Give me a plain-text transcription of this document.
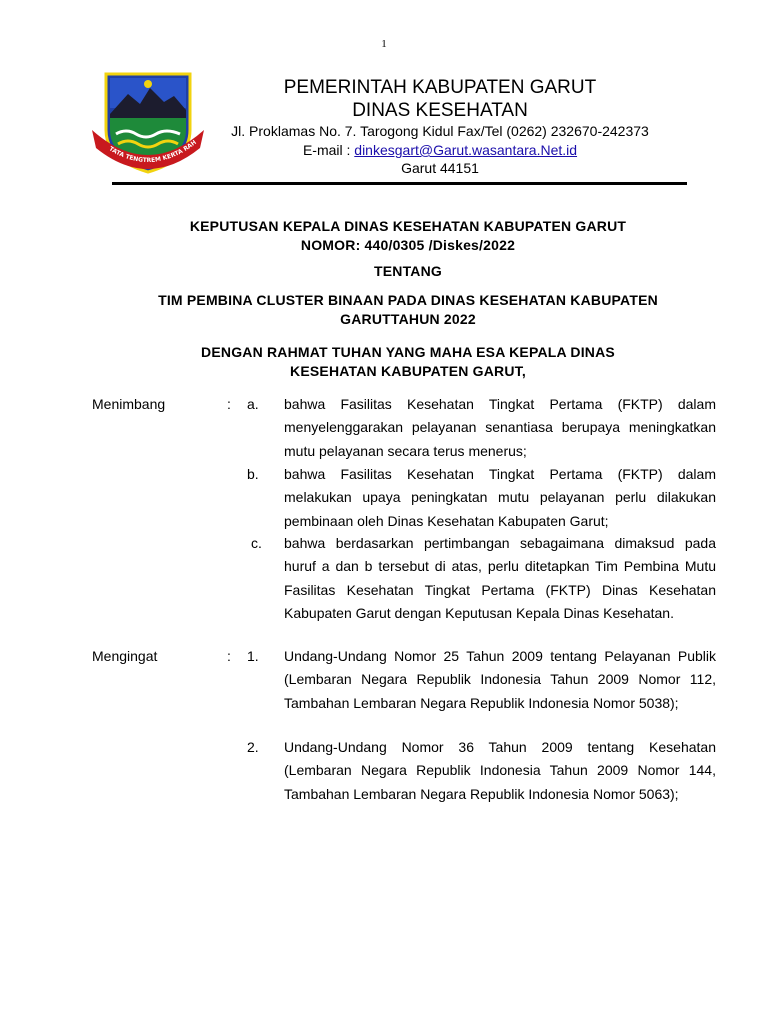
1
TATA TENGTREM KERTA RAH
PEMERINTAH KABUPATEN GARUT
DINAS KESEHATAN
Jl. Proklamas No. 7. Tarogong Kidul Fax/Tel (0262) 232670-242373
E-mail : dinkesgart@Garut.wasantara.Net.id
Garut 44151
KEPUTUSAN KEPALA DINAS KESEHATAN KABUPATEN GARUT
NOMOR: 440/0305 /Diskes/2022
TENTANG
TIM PEMBINA CLUSTER BINAAN PADA DINAS KESEHATAN KABUPATEN
GARUTTAHUN 2022
DENGAN RAHMAT TUHAN YANG MAHA ESA KEPALA DINAS
KESEHATAN KABUPATEN GARUT,
Menimbang	: a. bahwa Fasilitas Kesehatan Tingkat Pertama (FKTP) dalam menyelenggarakan pelayanan senantiasa berupaya meningkatkan mutu pelayanan secara terus menerus;
b. bahwa Fasilitas Kesehatan Tingkat Pertama (FKTP) dalam melakukan upaya peningkatan mutu pelayanan perlu dilakukan pembinaan oleh Dinas Kesehatan Kabupaten Garut;
c. bahwa berdasarkan pertimbangan sebagaimana dimaksud pada huruf a dan b tersebut di atas, perlu ditetapkan Tim Pembina Mutu Fasilitas Kesehatan Tingkat Pertama (FKTP) Dinas Kesehatan Kabupaten Garut dengan Keputusan Kepala Dinas Kesehatan.
Mengingat	: 1. Undang-Undang Nomor 25 Tahun 2009 tentang Pelayanan Publik (Lembaran Negara Republik Indonesia Tahun 2009 Nomor 112, Tambahan Lembaran Negara Republik Indonesia Nomor 5038);
2. Undang-Undang Nomor 36 Tahun 2009 tentang Kesehatan (Lembaran Negara Republik Indonesia Tahun 2009 Nomor 144, Tambahan Lembaran Negara Republik Indonesia Nomor 5063);
